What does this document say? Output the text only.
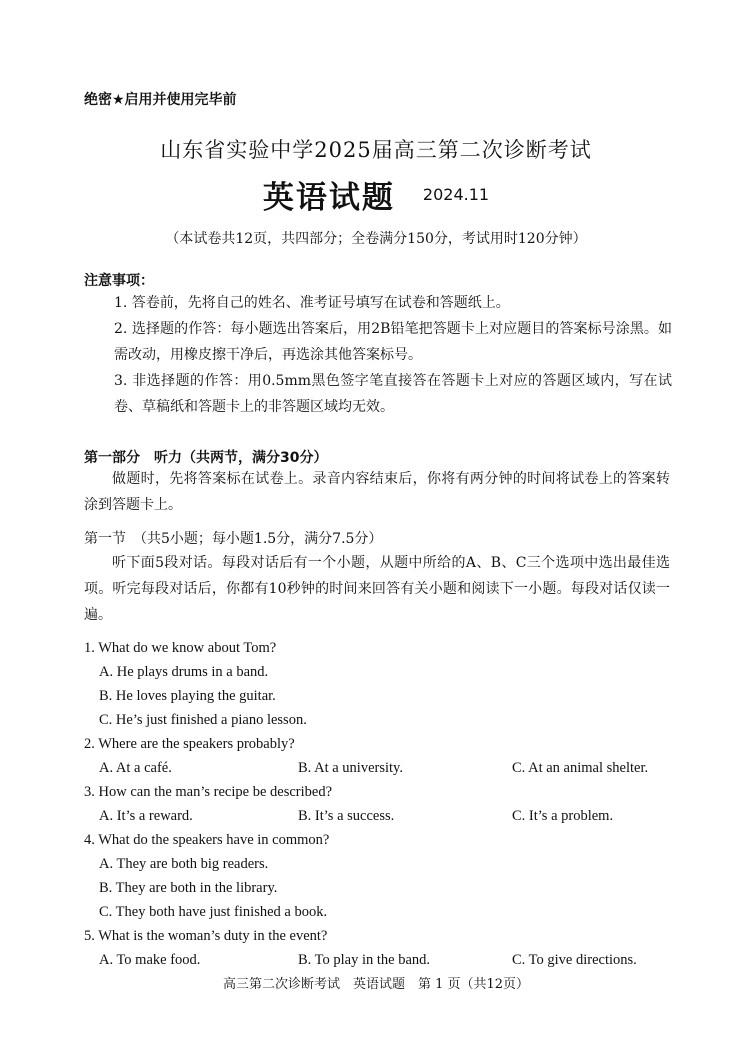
绝密★启用并使用完毕前
山东省实验中学2025届高三第二次诊断考试
英语试题 2024.11
（本试卷共12页，共四部分；全卷满分150分，考试用时120分钟）
注意事项：
1. 答卷前，先将自己的姓名、准考证号填写在试卷和答题纸上。
2. 选择题的作答：每小题选出答案后，用2B铅笔把答题卡上对应题目的答案标号涂黑。如需改动，用橡皮擦干净后，再选涂其他答案标号。
3. 非选择题的作答：用0.5mm黑色签字笔直接答在答题卡上对应的答题区域内，写在试卷、草稿纸和答题卡上的非答题区域均无效。
第一部分　听力（共两节，满分30分）
做题时，先将答案标在试卷上。录音内容结束后，你将有两分钟的时间将试卷上的答案转涂到答题卡上。
第一节　（共5小题；每小题1.5分，满分7.5分）
听下面5段对话。每段对话后有一个小题，从题中所给的A、B、C三个选项中选出最佳选项。听完每段对话后，你都有10秒钟的时间来回答有关小题和阅读下一小题。每段对话仅读一遍。
1. What do we know about Tom?
A. He plays drums in a band.
B. He loves playing the guitar.
C. He’s just finished a piano lesson.
2. Where are the speakers probably?
A. At a café.	B. At a university.	C. At an animal shelter.
3. How can the man’s recipe be described?
A. It’s a reward.	B. It’s a success.	C. It’s a problem.
4. What do the speakers have in common?
A. They are both big readers.
B. They are both in the library.
C. They both have just finished a book.
5. What is the woman’s duty in the event?
A. To make food.	B. To play in the band.	C. To give directions.
高三第二次诊断考试　英语试题　第 1 页（共12页）
